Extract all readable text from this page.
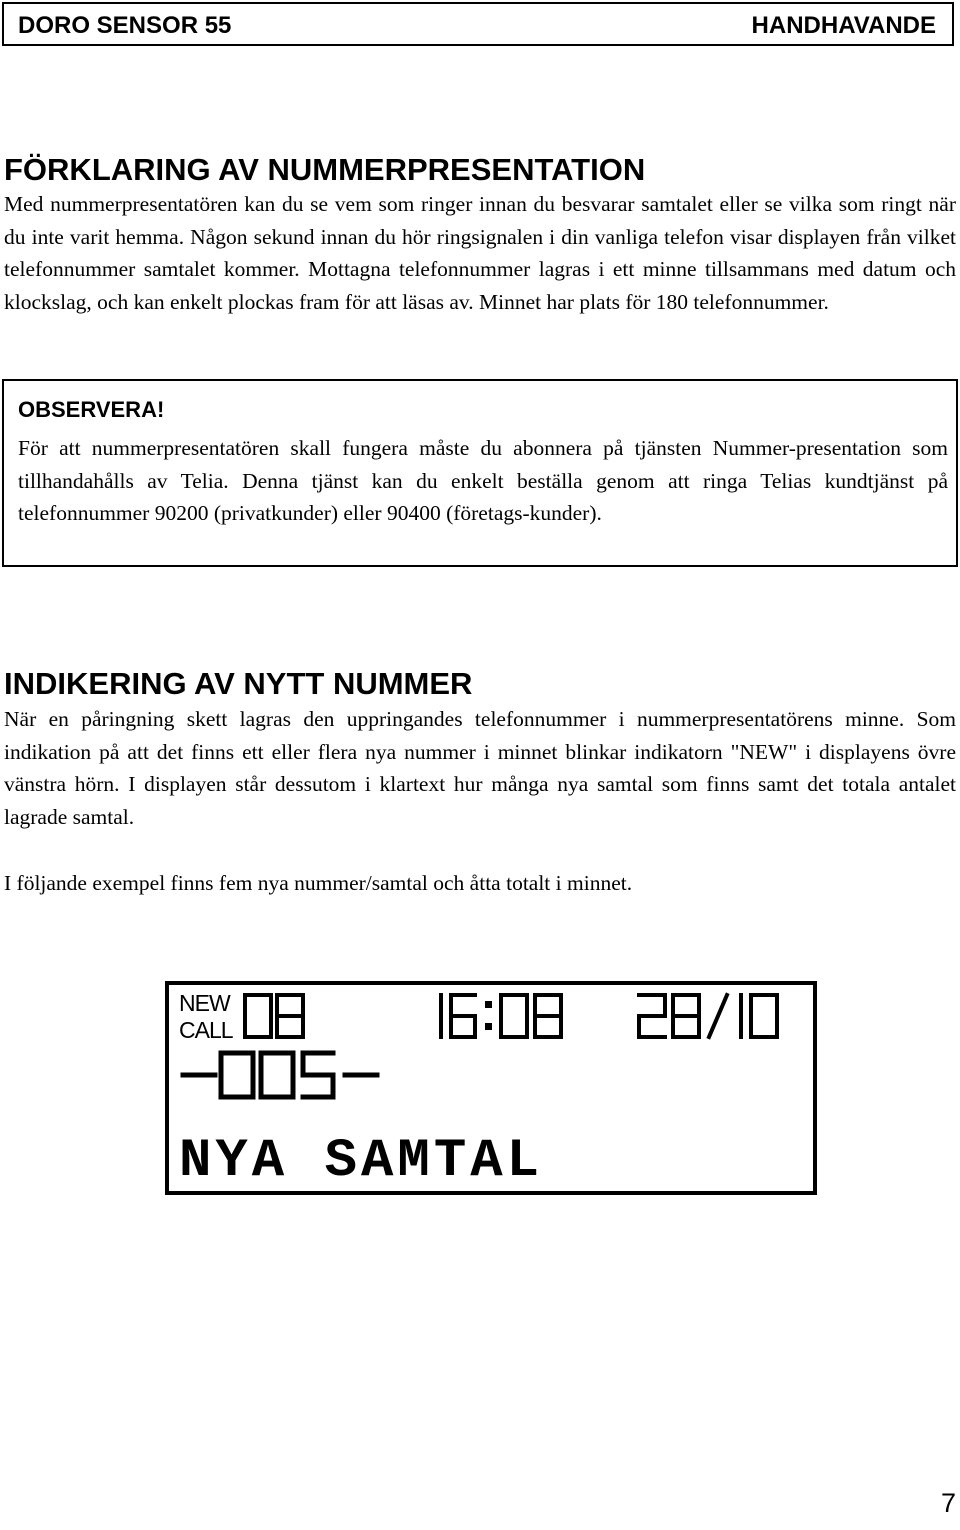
DORO SENSOR 55	HANDHAVANDE
FÖRKLARING AV NUMMERPRESENTATION

Med nummerpresentatören kan du se vem som ringer innan du besvarar samtalet eller se vilka som ringt när du inte varit hemma. Någon sekund innan du hör ringsignalen i din vanliga telefon visar displayen från vilket telefonnummer samtalet kommer. Mottagna telefonnummer lagras i ett minne tillsammans med datum och klockslag, och kan enkelt plockas fram för att läsas av. Minnet har plats för 180 telefonnummer.

OBSERVERA!
För att nummerpresentatören skall fungera måste du abonnera på tjänsten Nummer-presentation som tillhandahålls av Telia. Denna tjänst kan du enkelt beställa genom att ringa Telias kundtjänst på telefonnummer 90200 (privatkunder) eller 90400 (företags-kunder).
INDIKERING AV NYTT NUMMER

När en påringning skett lagras den uppringandes telefonnummer i nummerpresentatörens minne. Som indikation på att det finns ett eller flera nya nummer i minnet blinkar indikatorn "NEW" i displayens övre vänstra hörn. I displayen står dessutom i klartext hur många nya samtal som finns samt det totala antalet lagrade samtal.

I följande exempel finns fem nya nummer/samtal och åtta totalt i minnet.

NEW
CALL
NYA SAMTAL
7
